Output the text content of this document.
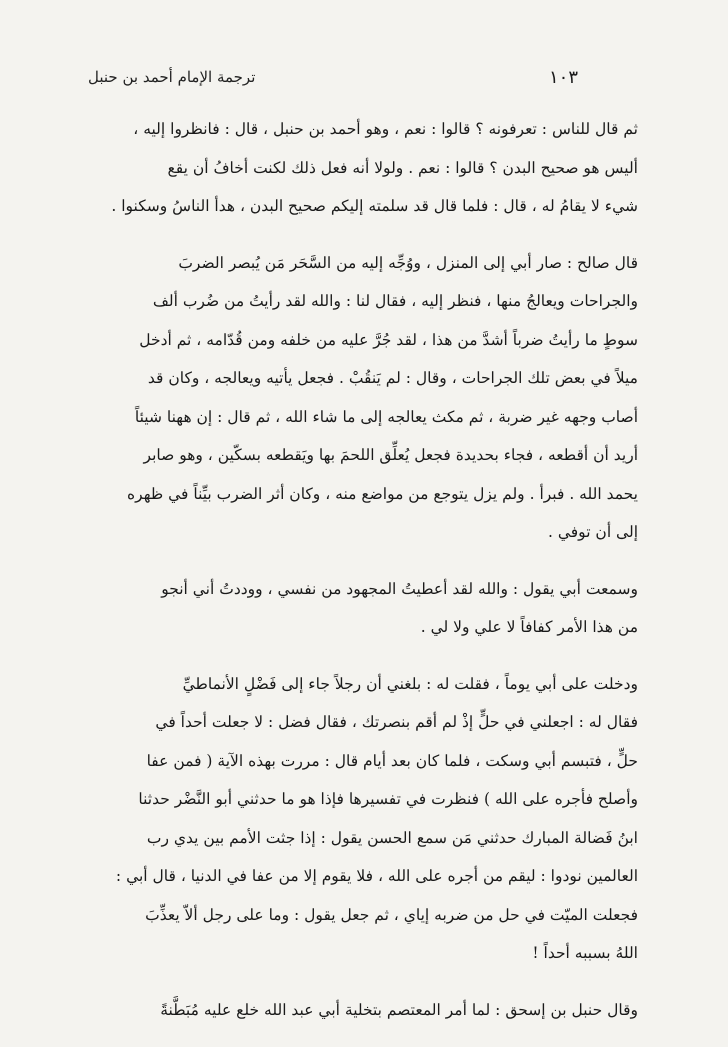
١٠٣
ترجمة الإمام أحمد بن حنبل
ثم قال للناس : تعرفونه ؟ قالوا : نعم ، وهو أحمد بن حنبل ، قال : فانظروا إليه ،
أليس هو صحيح البدن ؟ قالوا : نعم . ولولا أنه فعل ذلك لكنت أخافُ أن يقع
شيء لا يقامُ له ، قال : فلما قال قد سلمته إليكم صحيح البدن ، هدأ الناسُ وسكنوا .
قال صالح : صار أبي إلى المنزل ، ووُجِّه إليه من السَّحَر مَن يُبصر الضربَ
والجراحات ويعالجُ منها ، فنظر إليه ، فقال لنا : والله لقد رأيتُ من ضُرب ألف
سوطٍ ما رأيتُ ضرباً أشدَّ من هذا ، لقد جُرَّ عليه من خلفه ومن قُدّامه ، ثم أدخل
ميلاً في بعض تلك الجراحات ، وقال : لم يَنقُبْ . فجعل يأتيه ويعالجه ، وكان قد
أصاب وجهه غير ضربة ، ثم مكث يعالجه إلى ما شاء الله ، ثم قال : إن ههنا شيئاً
أريد أن أقطعه ، فجاء بحديدة فجعل يُعلِّق اللحمَ بها ويَقطعه بسكّين ، وهو صابر
يحمد الله . فبرأ . ولم يزل يتوجع من مواضع منه ، وكان أثر الضرب بيِّناً في ظهره
إلى أن توفي .
وسمعت أبي يقول : والله لقد أعطيتُ المجهود من نفسي ، ووددتُ أني أنجو
من هذا الأمر كفافاً لا علي ولا لي .
ودخلت على أبي يوماً ، فقلت له : بلغني أن رجلاً جاء إلى فَضْلٍ الأنماطيِّ
فقال له : اجعلني في حلٍّ إذْ لم أقم بنصرتك ، فقال فضل : لا جعلت أحداً في
حلٍّ ، فتبسم أبي وسكت ، فلما كان بعد أيام قال : مررت بهذه الآية ( فمن عفا
وأصلح فأجره على الله ) فنظرت في تفسيرها فإذا هو ما حدثني أبو النَّضْر حدثنا
ابنُ فَضالة المبارك حدثني مَن سمع الحسن يقول : إذا جثت الأمم بين يدي رب
العالمين نودوا : ليقم من أجره على الله ، فلا يقوم إلا من عفا في الدنيا ، قال أبي :
فجعلت الميّت في حل من ضربه إياي ، ثم جعل يقول : وما على رجل ألاّ يعذِّبَ
اللهُ بسببه أحداً !
وقال حنبل بن إسحق : لما أمر المعتصم بتخلية أبي عبد الله خلع عليه مُبَطَّنةً
